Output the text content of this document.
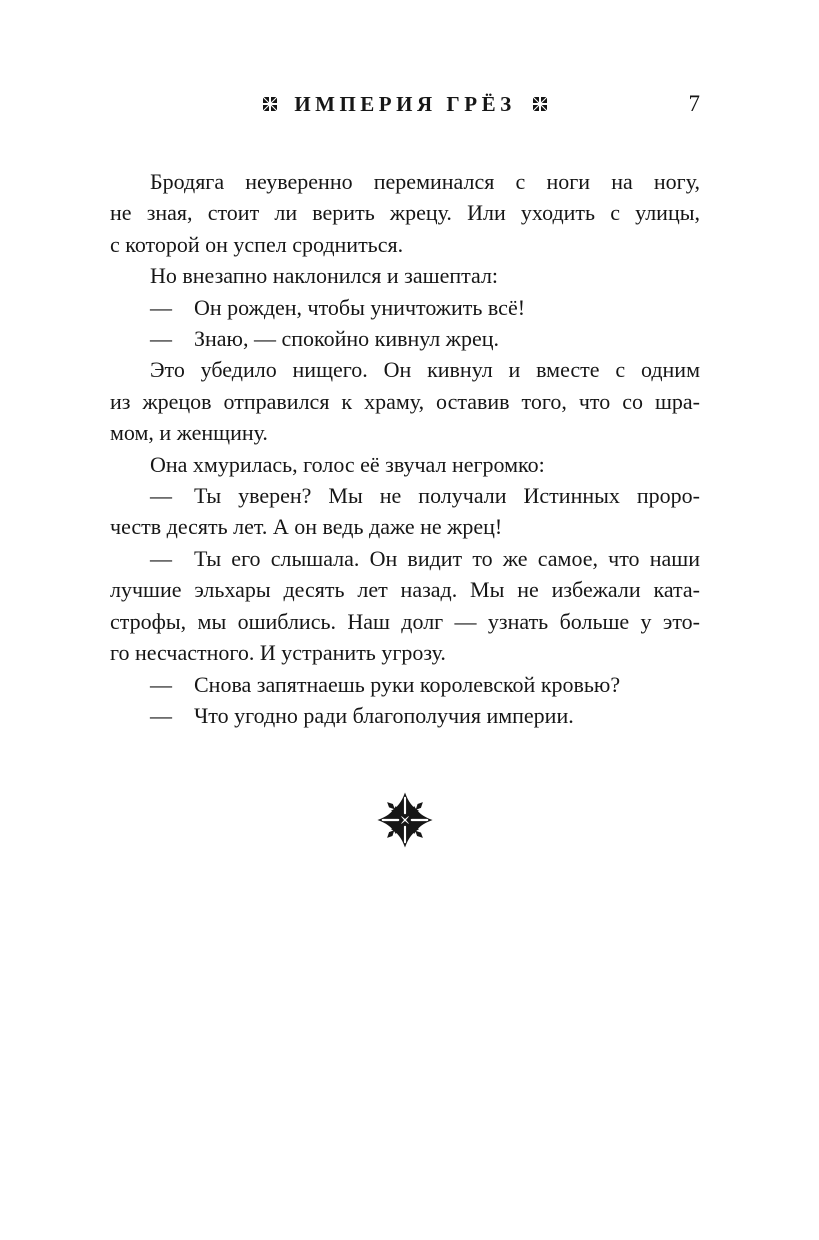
ИМПЕРИЯ ГРЁЗ	7
Бродяга неуверенно переминался с ноги на ногу,
не зная, стоит ли верить жрецу. Или уходить с улицы,
с которой он успел сродниться.
Но внезапно наклонился и зашептал:
— Он рожден, чтобы уничтожить всё!
— Знаю, — спокойно кивнул жрец.
Это убедило нищего. Он кивнул и вместе с одним
из жрецов отправился к храму, оставив того, что со шра-
мом, и женщину.
Она хмурилась, голос её звучал негромко:
— Ты уверен? Мы не получали Истинных проро-
честв десять лет. А он ведь даже не жрец!
— Ты его слышала. Он видит то же самое, что наши
лучшие эльхары десять лет назад. Мы не избежали ката-
строфы, мы ошиблись. Наш долг — узнать больше у это-
го несчастного. И устранить угрозу.
— Снова запятнаешь руки королевской кровью?
— Что угодно ради благополучия империи.
